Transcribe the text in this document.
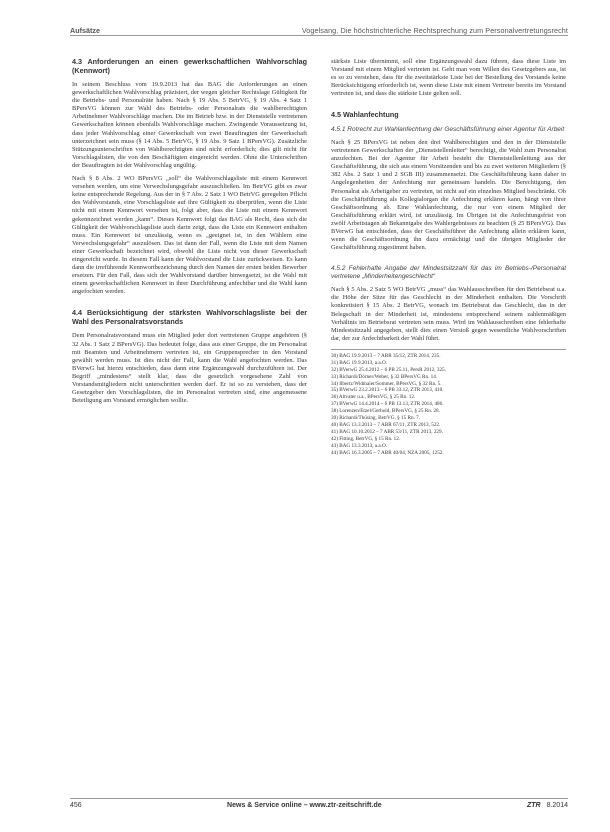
Aufsätze	Vogelsang, Die höchstrichterliche Rechtsprechung zum Personalvertretungsrecht
4.3 Anforderungen an einen gewerkschaftlichen Wahlvorschlag (Kennwort)

In seinem Beschluss vom 19.9.2013 hat das BAG die Anforderungen an einen gewerkschaftlichen Wahlvorschlag präzisiert, der wegen gleicher Rechtslage Gültigkeit für die Betriebs- und Personalräte haben. Nach § 19 Abs. 5 BetrVG, § 19 Abs. 4 Satz 1 BPersVG können zur Wahl des Betriebs- oder Personalrats die wahlberechtigten Arbeitnehmer Wahlvorschläge machen. Die im Betrieb bzw. in der Dienststelle vertretenen Gewerkschaften können ebenfalls Wahlvorschläge machen. Zwingende Voraussetzung ist, dass jeder Wahlvorschlag einer Gewerkschaft von zwei Beauftragten der Gewerkschaft unterzeichnet sein muss (§ 14 Abs. 5 BetrVG, § 19 Abs. 9 Satz 1 BPersVG). Zusätzliche Stützungsunterschriften von Wahlberechtigten sind nicht erforderlich; dies gilt nicht für Vorschlagslisten, die von den Beschäftigten eingereicht werden. Ohne die Unterschriften der Beauftragten ist der Wahlvorschlag ungültig.

Nach § 8 Abs. 2 WO BPersVG „soll“ die Wahlvorschlagsliste mit einem Kennwort versehen werden, um eine Verwechslungsgefahr auszuschließen. Im BetrVG gibt es zwar keine entsprechende Regelung. Aus der in § 7 Abs. 2 Satz 1 WO BetrVG geregelten Pflicht des Wahlvorstands, eine Vorschlagsliste auf ihre Gültigkeit zu überprüfen, wenn die Liste nicht mit einem Kennwort versehen ist, folgt aber, dass die Liste mit einem Kennwort gekennzeichnet werden „kann“. Dieses Kennwort folgt das BAG als Recht, dass sich die Gültigkeit der Wahlvorschlagsliste auch darin zeigt, dass die Liste ein Kennwort enthalten muss. Ein Kennwort ist unzulässig, wenn es „geeignet ist, in den Wählern eine Verwechslungsgefahr“ auszulösen. Das ist dann der Fall, wenn die Liste mit dem Namen einer Gewerkschaft bezeichnet wird, obwohl die Liste nicht von dieser Gewerkschaft eingereicht wurde. In diesem Fall kann der Wahlvorstand die Liste zurückweisen. Es kann dann die irreführende Kennwortbezeichnung durch den Namen der ersten beiden Bewerber ersetzen. Für den Fall, dass sich der Wahlvorstand darüber hinwegsetzt, ist die Wahl mit einem gewerkschaftlichen Kennwort in ihrer Durchführung anfechtbar und die Wahl kann angefochten werden.

4.4 Berücksichtigung der stärksten Wahlvorschlagsliste bei der Wahl des Personalratsvorstands

Dem Personalratsvorstand muss ein Mitglied jeder dort vertretenen Gruppe angehören (§ 32 Abs. 1 Satz 2 BPersVG). Das bedeutet folge, dass aus einer Gruppe, die im Personalrat mit Beamten und Arbeitnehmern vertreten ist, ein Gruppensprecher in den Vorstand gewählt werden muss. Ist dies nicht der Fall, kann die Wahl angefochten werden. Das BVerwG hat hierzu entschieden, dass dann eine Ergänzungswahl durchzuführen ist. Der Begriff „mindestens“ stellt klar, dass die gesetzlich vorgesehene Zahl von Vorstandsmitgliedern nicht unterschritten werden darf. Er ist so zu verstehen, dass der Gesetzgeber den Vorschlagslisten, die im Personalrat vertreten sind, eine angemessene Beteiligung am Vorstand ermöglichen wollte.

stärkste Liste übernimmt, soll eine Ergänzungswahl dazu führen, dass diese Liste im Vorstand mit einem Mitglied vertreten ist. Geht man vom Willen des Gesetzgebers aus, ist es so zu verstehen, dass für die zweitstärkste Liste bei der Bestellung des Vorstands keine Berücksichtigung erforderlich ist, wenn diese Liste mit einem Vertreter bereits im Vorstand vertreten ist, und dass die stärkste Liste gelten soll.

4.5 Wahlanfechtung
4.5.1 Rotrecht zur Wahlanfechtung der Geschäftsführung einer Agentur für Arbeit

Nach § 25 BPersVG ist neben den drei Wahlberechtigten und den in der Dienststelle vertretenen Gewerkschaften der „Dienststellenleiter“ berechtigt, die Wahl zum Personalrat anzufechten. Bei der Agentur für Arbeit besteht die Dienststellenleitung aus der Geschäftsführung, die sich aus einem Vorsitzenden und bis zu zwei weiteren Mitgliedern (§ 382 Abs. 2 Satz 1 und 2 SGB III) zusammensetzt. Die Geschäftsführung kann daher in Angelegenheiten der Anfechtung nur gemeinsam handeln. Die Berechtigung, den Personalrat als Arbeitgeber zu vertreten, ist nicht auf ein einzelnes Mitglied beschränkt. Ob die Geschäftsführung als Kollegialorgan die Anfechtung erklären kann, hängt von ihrer Geschäftsordnung ab. Eine Wahlanfechtung, die nur von einem Mitglied der Geschäftsführung erklärt wird, ist unzulässig. Im Übrigen ist die Anfechtungsfrist von zwölf Arbeitstagen ab Bekanntgabe des Wahlergebnisses zu beachten (§ 25 BPersVG). Das BVerwG hat entschieden, dass der Geschäftsführer die Anfechtung allein erklären kann, wenn die Geschäftsordnung ihn dazu ermächtigt und die übrigen Mitglieder der Geschäftsführung zugestimmt haben.

4.5.2 Fehlerhafte Angabe der Mindestsitzzahl für das im Betriebs-/Personalrat vertretene „Minderheitengeschlecht“

Nach § 5 Abs. 2 Satz 5 WO BetrVG „muss“ das Wahlausschreiben für den Betriebsrat u.a. die Höhe der Sitze für das Geschlecht in der Minderheit enthalten. Die Vorschrift konkretisiert § 15 Abs. 2 BetrVG, wonach im Betriebsrat das Geschlecht, das in der Belegschaft in der Minderheit ist, mindestens entsprechend seinem zahlenmäßigen Verhältnis im Betriebsrat vertreten sein muss. Wird im Wahlausschreiben eine fehlerhafte Mindestsitzzahl angegeben, stellt dies einen Verstoß gegen wesentliche Wahlvorschriften dar, der zur Anfechtbarkeit der Wahl führt.

30) BAG 19.9.2013 – 7 ABR 35/12, ZTR 2014, 235.
31) BAG 19.9.2013, a.a.O.
32) BVerwG 25.4.2012 – 6 PB 25.11, PersR 2012, 325.
33) Richardi/Dörner/Weber, § 32 BPersVG Rn. 14.
34) Ilbertz/Widmaier/Sommer, BPersVG, § 32 Rn. 5.
35) BVerwG 23.2.2013 – 6 PB 33.12, ZTR 2013, 410.
36) Altvater u.a., BPersVG, § 25 Rn. 12.
37) BVerwG 14.4.2014 – 6 PB 13.13, ZTR 2014, 486.
38) Lorenzen/Etzel/Gerhold, BPersVG, § 25 Rn. 28.
39) Richardi/Thüsing, BetrVG, § 15 Rn. 7.
40) BAG 13.3.2013 – 7 ABR 67/11, ZTR 2013, 522.
41) BAG 10.10.2012 – 7 ABR 53/11, ZTR 2013, 229.
42) Fitting, BetrVG, § 15 Rn. 12.
43) BAG 13.3.2013, a.a.O.
44) BAG 16.3.2005 – 7 ABR 40/04, NZA 2005, 1252.
456	News & Service online – www.ztr-zeitschrift.de	ZTR 8.2014
